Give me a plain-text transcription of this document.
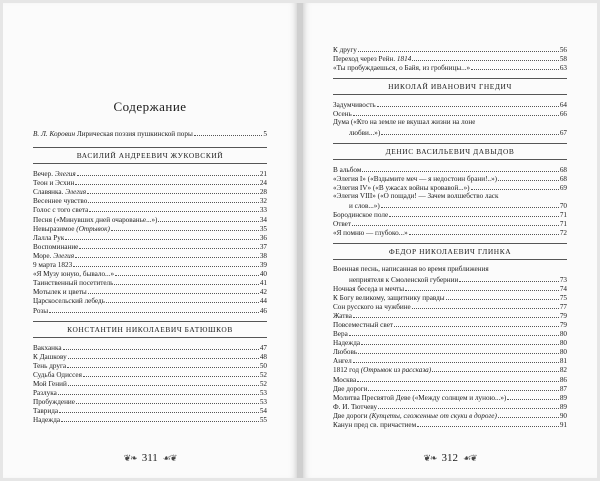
Содержание
В. Л. Коровин Лирическая поэзия пушкинской поры	5
ВАСИЛИЙ АНДРЕЕВИЧ ЖУКОВСКИЙ
Вечер. Элегия	21
Теон и Эсхин	24
Славянка. Элегия	28
Весеннее чувство	32
Голос с того света	33
Песня («Минувших дней очарованье...»)	34
Невыразимое (Отрывок)	35
Лалла Рук	36
Воспоминание	37
Море. Элегия	38
9 марта 1823	39
«Я Музу юную, бывало...»	40
Таинственный посетитель	41
Мотылек и цветы	42
Царскосельский лебедь	44
Розы	46
КОНСТАНТИН НИКОЛАЕВИЧ БАТЮШКОВ
Вакханка	47
К Дашкову	48
Тень друга	50
Судьба Одиссея	52
Мой Гений	52
Разлука	53
Пробуждение	53
Таврида	54
Надежда	55
❦❧ 311 ☙❦
К другу	56
Переход через Рейн. 1814	58
«Ты пробуждаешься, о Байя, из гробницы...»	63
НИКОЛАЙ ИВАНОВИЧ ГНЕДИЧ
Задумчивость	64
Осень	66
Дума («Кто на земле не вкушал жизни на лоне
любви...»)	67
ДЕНИС ВАСИЛЬЕВИЧ ДАВЫДОВ
В альбом	68
«Элегия I» («Вздымите меч — я недостоин брани!..»)	68
«Элегия IV» («В ужасах войны кровавой...»)	69
«Элегия VIII» («О пощади! — Зачем волшебство ласк
и слов...»)	70
Бородинское поле	71
Ответ	71
«Я помню — глубоко...»	72
ФЕДОР НИКОЛАЕВИЧ ГЛИНКА
Военная песнь, написанная во время приближения
неприятеля к Смоленской губернии	73
Ночная беседа и мечты	74
К Богу великому, защитнику правды	75
Сон русского на чужбине	77
Жатва	79
Повсеместный свет	79
Вера	80
Надежда	80
Любовь	80
Ангел	81
1812 год (Отрывок из рассказа)	82
Москва	86
Две дороги	87
Молитва Пресвятой Деве («Между солнцем и луною...»)	89
Ф. И. Тютчеву	89
Две дороги (Купцеты, сложенные от скуки в дороге)	90
Канун пред св. причастием	91
❦❧ 312 ☙❦
